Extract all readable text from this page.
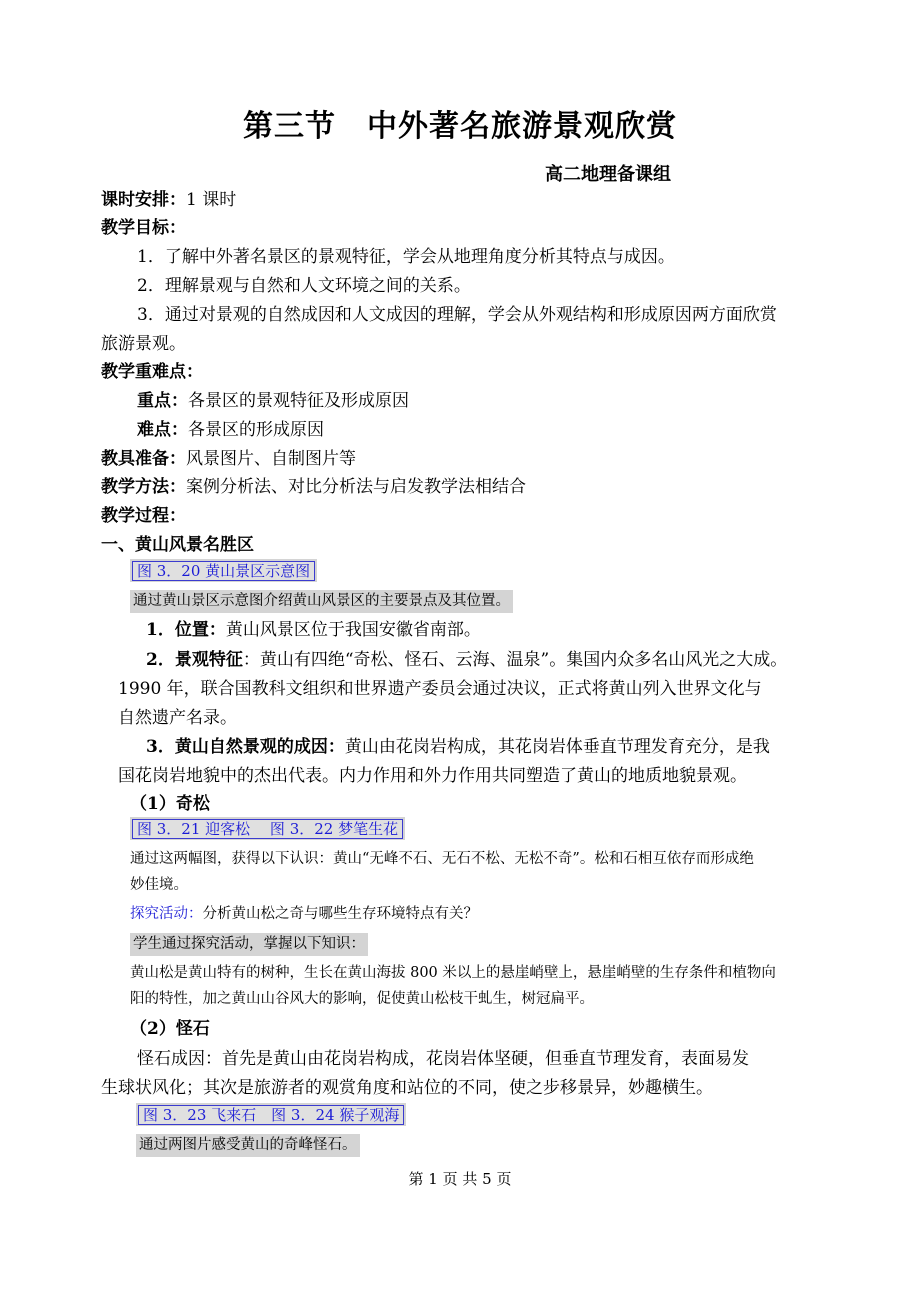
第三节　中外著名旅游景观欣赏
高二地理备课组
课时安排：1 课时
教学目标：
1．了解中外著名景区的景观特征，学会从地理角度分析其特点与成因。
2．理解景观与自然和人文环境之间的关系。
3．通过对景观的自然成因和人文成因的理解，学会从外观结构和形成原因两方面欣赏
旅游景观。
教学重难点：
重点：各景区的景观特征及形成原因
难点：各景区的形成原因
教具准备：风景图片、自制图片等
教学方法：案例分析法、对比分析法与启发教学法相结合
教学过程：
一、黄山风景名胜区
图 3．20 黄山景区示意图
通过黄山景区示意图介绍黄山风景区的主要景点及其位置。
1．位置：黄山风景区位于我国安徽省南部。
2．景观特征：黄山有四绝“奇松、怪石、云海、温泉”。集国内众多名山风光之大成。
1990 年，联合国教科文组织和世界遗产委员会通过决议，正式将黄山列入世界文化与
自然遗产名录。
3．黄山自然景观的成因：黄山由花岗岩构成，其花岗岩体垂直节理发育充分，是我
国花岗岩地貌中的杰出代表。内力作用和外力作用共同塑造了黄山的地质地貌景观。
（1）奇松
图 3．21 迎客松　 图 3．22 梦笔生花
通过这两幅图，获得以下认识：黄山“无峰不石、无石不松、无松不奇”。松和石相互依存而形成绝
妙佳境。
探究活动：分析黄山松之奇与哪些生存环境特点有关？
学生通过探究活动，掌握以下知识：
黄山松是黄山特有的树种，生长在黄山海拔 800 米以上的悬崖峭壁上，悬崖峭壁的生存条件和植物向
阳的特性，加之黄山山谷风大的影响，促使黄山松枝干虬生，树冠扁平。
（2）怪石
怪石成因：首先是黄山由花岗岩构成，花岗岩体坚硬，但垂直节理发育，表面易发
生球状风化；其次是旅游者的观赏角度和站位的不同，使之步移景异，妙趣横生。
图 3．23 飞来石　图 3．24 猴子观海
通过两图片感受黄山的奇峰怪石。
第 1 页 共 5 页
